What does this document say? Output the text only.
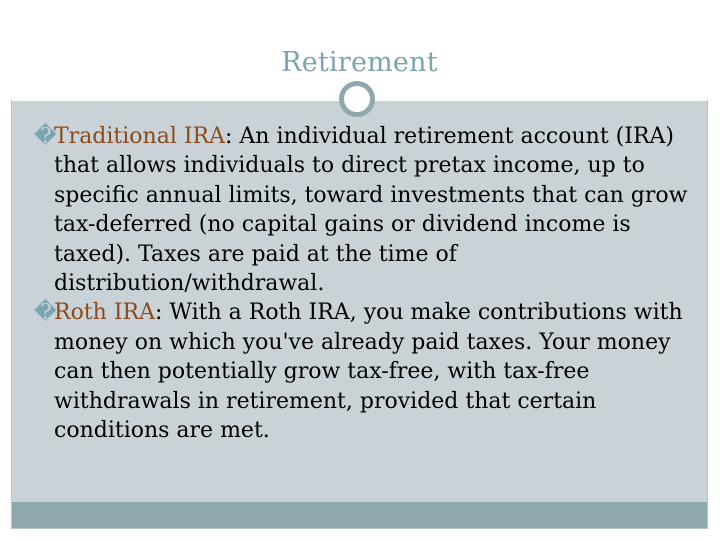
Retirement
�
Traditional IRA: An individual retirement account (IRA) that allows individuals to direct pretax income, up to specific annual limits, toward investments that can grow tax-deferred (no capital gains or dividend income is taxed). Taxes are paid at the time of distribution/withdrawal.
�
Roth IRA: With a Roth IRA, you make contributions with money on which you've already paid taxes. Your money can then potentially grow tax-free, with tax-free withdrawals in retirement, provided that certain conditions are met.
